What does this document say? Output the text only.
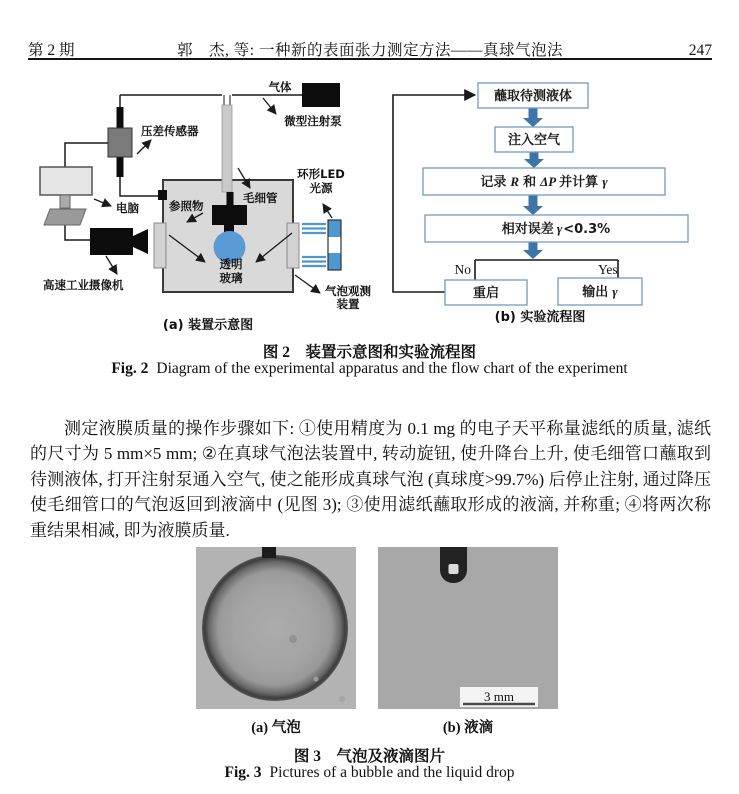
第 2 期	郭　杰, 等: 一种新的表面张力测定方法——真球气泡法	247
气体
微型注射泵
压差传感器
电脑	参照物
毛细管
环形LED
光源
透明
玻璃
高速工业摄像机	气泡观测
装置
(a) 装置示意图
蘸取待测液体
注入空气
记录 R 和 ΔP 并计算 γ
相对误差 γ<0.3%
No	Yes
重启	输出 γ
(b) 实验流程图
图 2　装置示意图和实验流程图
Fig. 2 Diagram of the experimental apparatus and the flow chart of the experiment

测定液膜质量的操作步骤如下: ①使用精度为 0.1 mg 的电子天平称量滤纸的质量, 滤纸的尺寸为 5 mm×5 mm; ②在真球气泡法装置中, 转动旋钮, 使升降台上升, 使毛细管口蘸取到待测液体, 打开注射泵通入空气, 使之能形成真球气泡 (真球度>99.7%) 后停止注射, 通过降压使毛细管口的气泡返回到液滴中 (见图 3); ③使用滤纸蘸取形成的液滴, 并称重; ④将两次称重结果相减, 即为液膜质量.

(a) 气泡
3 mm
(b) 液滴
图 3　气泡及液滴图片
Fig. 3 Pictures of a bubble and the liquid drop
